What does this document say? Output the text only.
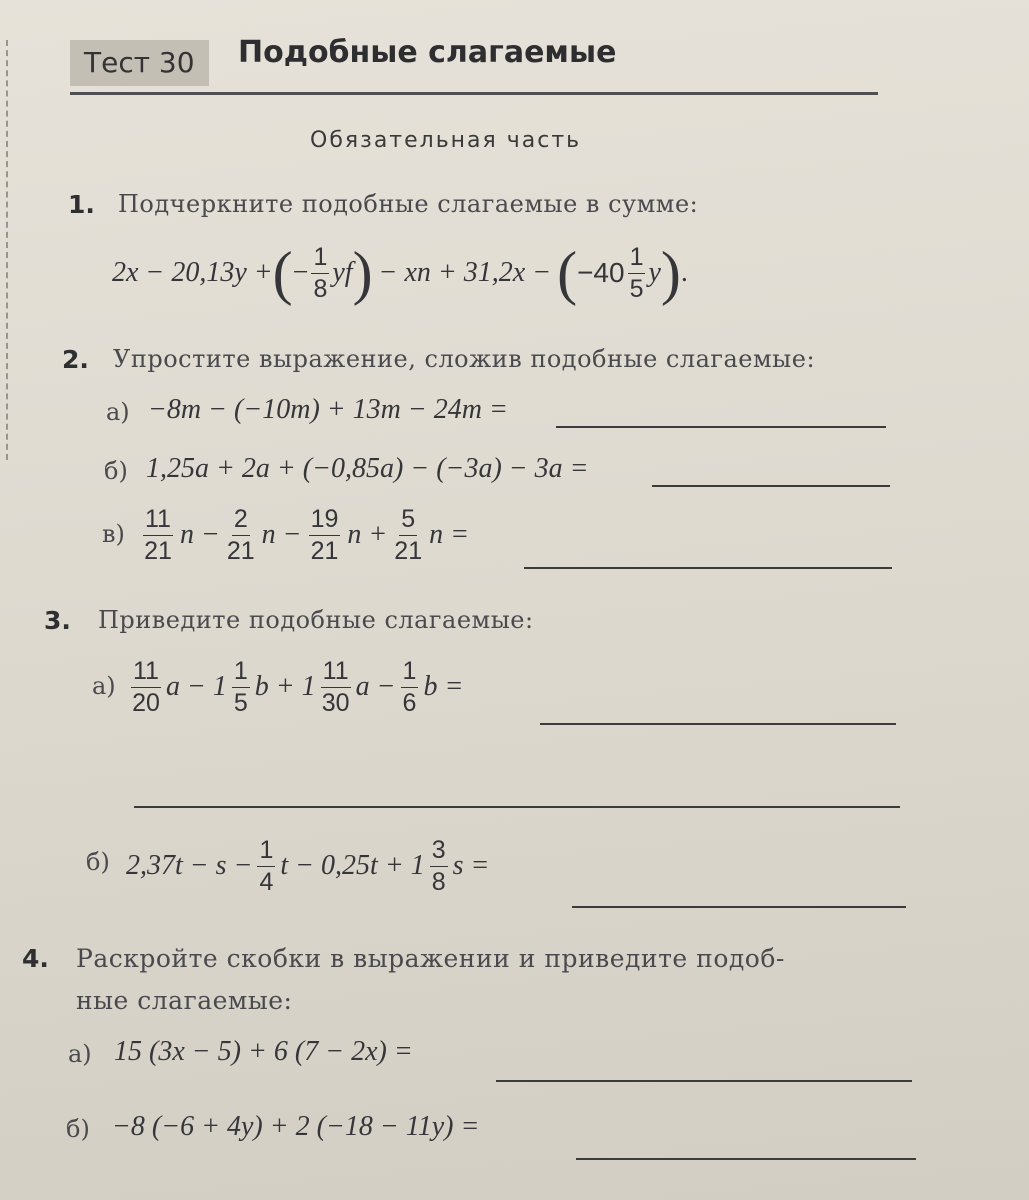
Тест 30	Подобные слагаемые
Обязательная часть
1. Подчеркните подобные слагаемые в сумме:
2x − 20,13y + ( − $\frac{1}{8}$ yf ) − xn + 31,2x − ( $-40 \frac{1}{5}$ y ) .
2. Упростите выражение, сложив подобные слагаемые:
а) −8m − (−10m) + 13m − 24m =
б) 1,25a + 2a + (−0,85a) − (−3a) − 3a =
$в) \frac{11}{21}$ $n - \frac{2}{21}$ $n - \frac{19}{21}$ $n + \frac{5}{21}$ n =
3. Приведите подобные слагаемые:
$а) \frac{11}{20}$ $a - 1 \frac{1}{5}$ $b + 1 \frac{11}{30}$ $a - \frac{1}{6}$ b =
б) $2,37t - s - \frac{1}{4}$ $t - 0,25t + 1 \frac{3}{8}$ s =
4. Раскройте скобки в выражении и приведите подоб-
ные слагаемые:
а) 15 (3x − 5) + 6 (7 − 2x) =
б) −8 (−6 + 4y) + 2 (−18 − 11y) =
